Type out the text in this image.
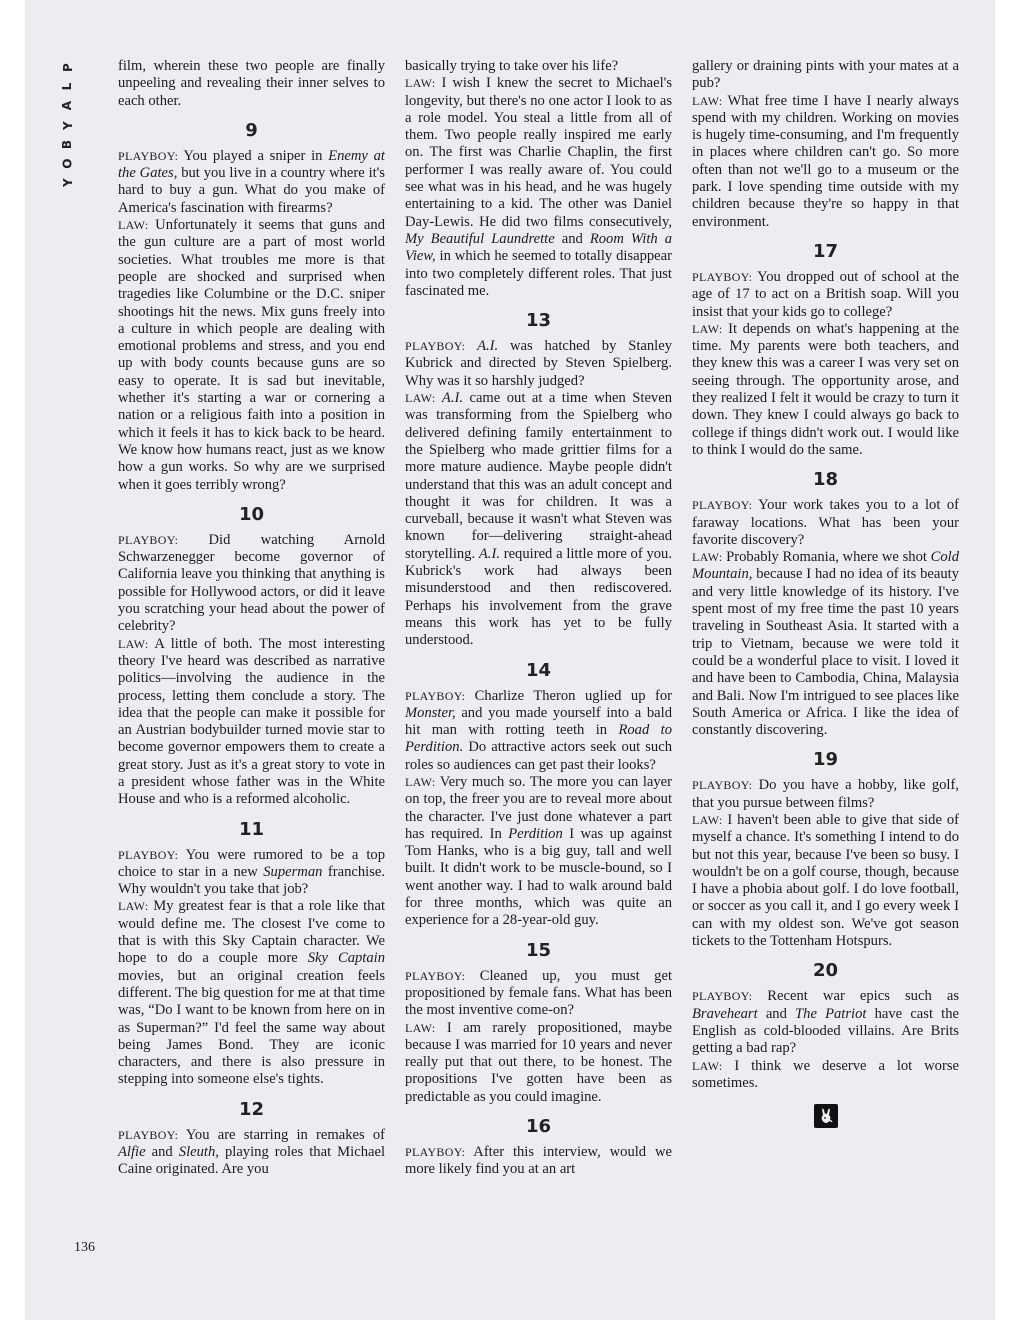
P
L
A
Y
B
O
Y
136

film, wherein these two people are finally unpeeling and revealing their inner selves to each other.

9

PLAYBOY: You played a sniper in Enemy at the Gates, but you live in a country where it's hard to buy a gun. What do you make of America's fascination with firearms?

LAW: Unfortunately it seems that guns and the gun culture are a part of most world societies. What troubles me more is that people are shocked and surprised when tragedies like Columbine or the D.C. sniper shootings hit the news. Mix guns freely into a culture in which people are dealing with emotional problems and stress, and you end up with body counts because guns are so easy to operate. It is sad but inevitable, whether it's starting a war or cornering a nation or a religious faith into a position in which it feels it has to kick back to be heard. We know how humans react, just as we know how a gun works. So why are we surprised when it goes terribly wrong?

10

PLAYBOY: Did watching Arnold Schwarzenegger become governor of California leave you thinking that anything is possible for Hollywood actors, or did it leave you scratching your head about the power of celebrity?

LAW: A little of both. The most interesting theory I've heard was described as narrative politics—involving the audience in the process, letting them conclude a story. The idea that the people can make it possible for an Austrian bodybuilder turned movie star to become governor empowers them to create a great story. Just as it's a great story to vote in a president whose father was in the White House and who is a reformed alcoholic.

11

PLAYBOY: You were rumored to be a top choice to star in a new Superman franchise. Why wouldn't you take that job?

LAW: My greatest fear is that a role like that would define me. The closest I've come to that is with this Sky Captain character. We hope to do a couple more Sky Captain movies, but an original creation feels different. The big question for me at that time was, “Do I want to be known from here on in as Superman?” I'd feel the same way about being James Bond. They are iconic characters, and there is also pressure in stepping into someone else's tights.

12

PLAYBOY: You are starring in remakes of Alfie and Sleuth, playing roles that Michael Caine originated. Are you

basically trying to take over his life?

LAW: I wish I knew the secret to Michael's longevity, but there's no one actor I look to as a role model. You steal a little from all of them. Two people really inspired me early on. The first was Charlie Chaplin, the first performer I was really aware of. You could see what was in his head, and he was hugely entertaining to a kid. The other was Daniel Day-Lewis. He did two films consecutively, My Beautiful Laundrette and Room With a View, in which he seemed to totally disappear into two completely different roles. That just fascinated me.

13

PLAYBOY: A.I. was hatched by Stanley Kubrick and directed by Steven Spielberg. Why was it so harshly judged?

LAW: A.I. came out at a time when Steven was transforming from the Spielberg who delivered defining family entertainment to the Spielberg who made grittier films for a more mature audience. Maybe people didn't understand that this was an adult concept and thought it was for children. It was a curveball, because it wasn't what Steven was known for—delivering straight-ahead storytelling. A.I. required a little more of you. Kubrick's work had always been misunderstood and then rediscovered. Perhaps his involvement from the grave means this work has yet to be fully understood.

14

PLAYBOY: Charlize Theron uglied up for Monster, and you made yourself into a bald hit man with rotting teeth in Road to Perdition. Do attractive actors seek out such roles so audiences can get past their looks?

LAW: Very much so. The more you can layer on top, the freer you are to reveal more about the character. I've just done whatever a part has required. In Perdition I was up against Tom Hanks, who is a big guy, tall and well built. It didn't work to be muscle-bound, so I went another way. I had to walk around bald for three months, which was quite an experience for a 28-year-old guy.

15

PLAYBOY: Cleaned up, you must get propositioned by female fans. What has been the most inventive come-on?

LAW: I am rarely propositioned, maybe because I was married for 10 years and never really put that out there, to be honest. The propositions I've gotten have been as predictable as you could imagine.

16

PLAYBOY: After this interview, would we more likely find you at an art

gallery or draining pints with your mates at a pub?

LAW: What free time I have I nearly always spend with my children. Working on movies is hugely time-consuming, and I'm frequently in places where children can't go. So more often than not we'll go to a museum or the park. I love spending time outside with my children because they're so happy in that environment.

17

PLAYBOY: You dropped out of school at the age of 17 to act on a British soap. Will you insist that your kids go to college?

LAW: It depends on what's happening at the time. My parents were both teachers, and they knew this was a career I was very set on seeing through. The opportunity arose, and they realized I felt it would be crazy to turn it down. They knew I could always go back to college if things didn't work out. I would like to think I would do the same.

18

PLAYBOY: Your work takes you to a lot of faraway locations. What has been your favorite discovery?

LAW: Probably Romania, where we shot Cold Mountain, because I had no idea of its beauty and very little knowledge of its history. I've spent most of my free time the past 10 years traveling in Southeast Asia. It started with a trip to Vietnam, because we were told it could be a wonderful place to visit. I loved it and have been to Cambodia, China, Malaysia and Bali. Now I'm intrigued to see places like South America or Africa. I like the idea of constantly discovering.

19

PLAYBOY: Do you have a hobby, like golf, that you pursue between films?

LAW: I haven't been able to give that side of myself a chance. It's something I intend to do but not this year, because I've been so busy. I wouldn't be on a golf course, though, because I have a phobia about golf. I do love football, or soccer as you call it, and I go every week I can with my oldest son. We've got season tickets to the Tottenham Hotspurs.

20

PLAYBOY: Recent war epics such as Braveheart and The Patriot have cast the English as cold-blooded villains. Are Brits getting a bad rap?

LAW: I think we deserve a lot worse sometimes.
